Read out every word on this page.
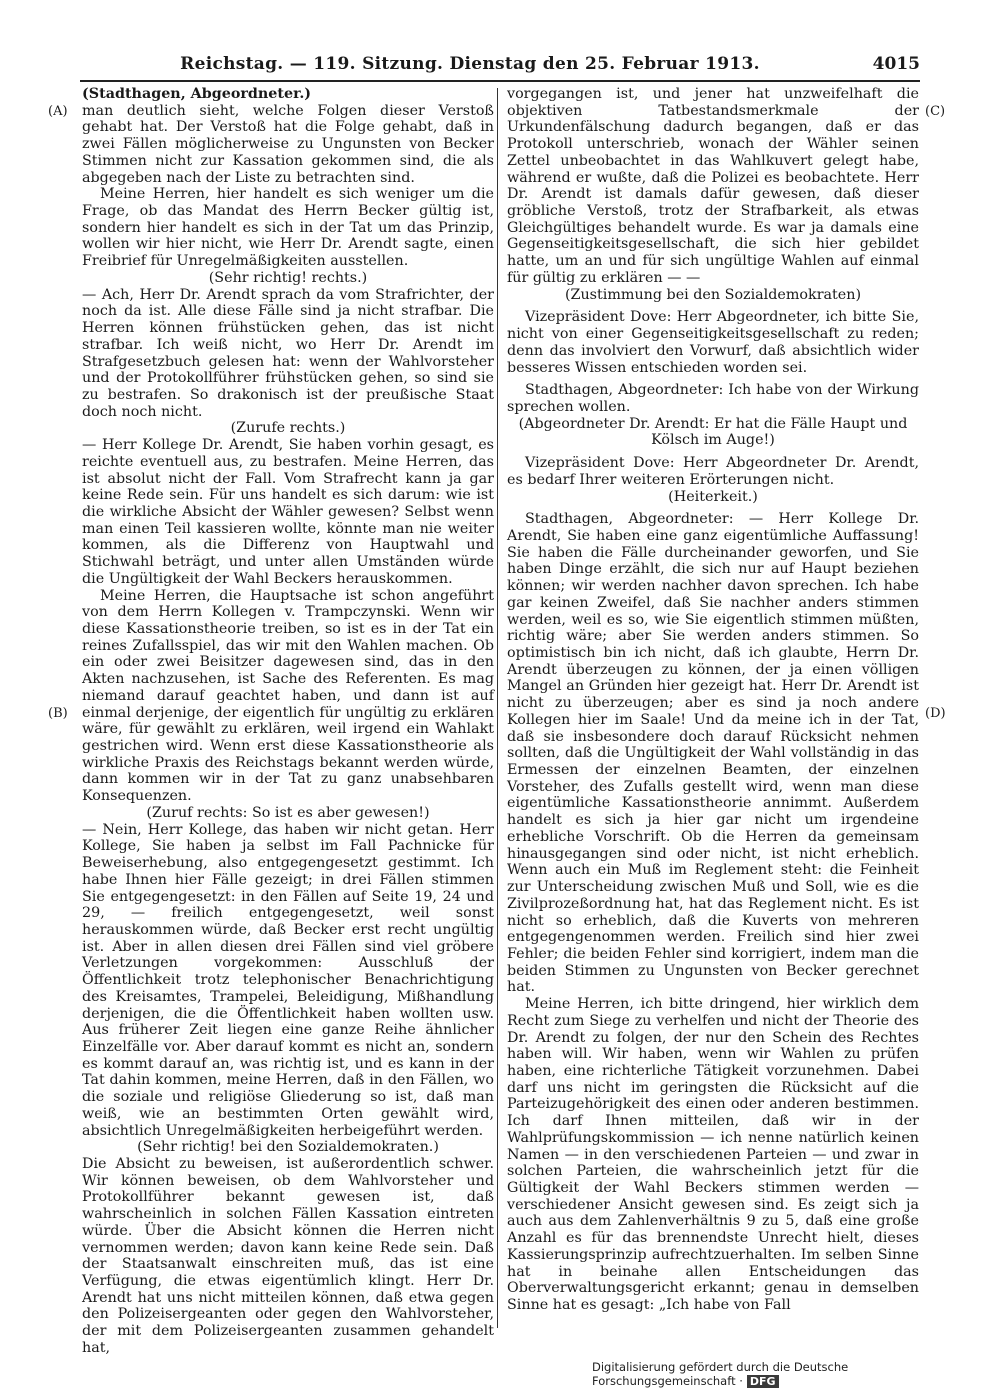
Reichstag. — 119. Sitzung. Dienstag den 25. Februar 1913.	4015
(A)
(B)
(C)
(D)

(Stadthagen, Abgeordneter.)

man deutlich sieht, welche Folgen dieser Verstoß gehabt hat. Der Verstoß hat die Folge gehabt, daß in zwei Fällen möglicherweise zu Ungunsten von Becker Stimmen nicht zur Kassation gekommen sind, die als abgegeben nach der Liste zu betrachten sind.

Meine Herren, hier handelt es sich weniger um die Frage, ob das Mandat des Herrn Becker gültig ist, sondern hier handelt es sich in der Tat um das Prinzip, wollen wir hier nicht, wie Herr Dr. Arendt sagte, einen Freibrief für Unregelmäßigkeiten ausstellen.

(Sehr richtig! rechts.)

— Ach, Herr Dr. Arendt sprach da vom Strafrichter, der noch da ist. Alle diese Fälle sind ja nicht strafbar. Die Herren können frühstücken gehen, das ist nicht strafbar. Ich weiß nicht, wo Herr Dr. Arendt im Strafgesetzbuch gelesen hat: wenn der Wahlvorsteher und der Protokollführer frühstücken gehen, so sind sie zu bestrafen. So drakonisch ist der preußische Staat doch noch nicht.

(Zurufe rechts.)

— Herr Kollege Dr. Arendt, Sie haben vorhin gesagt, es reichte eventuell aus, zu bestrafen. Meine Herren, das ist absolut nicht der Fall. Vom Strafrecht kann ja gar keine Rede sein. Für uns handelt es sich darum: wie ist die wirkliche Absicht der Wähler gewesen? Selbst wenn man einen Teil kassieren wollte, könnte man nie weiter kommen, als die Differenz von Hauptwahl und Stichwahl beträgt, und unter allen Umständen würde die Ungültigkeit der Wahl Beckers herauskommen.

Meine Herren, die Hauptsache ist schon angeführt von dem Herrn Kollegen v. Trampczynski. Wenn wir diese Kassationstheorie treiben, so ist es in der Tat ein reines Zufallsspiel, das wir mit den Wahlen machen. Ob ein oder zwei Beisitzer dagewesen sind, das in den Akten nachzusehen, ist Sache des Referenten. Es mag niemand darauf geachtet haben, und dann ist auf einmal derjenige, der eigentlich für ungültig zu erklären wäre, für gewählt zu erklären, weil irgend ein Wahlakt gestrichen wird. Wenn erst diese Kassationstheorie als wirkliche Praxis des Reichstags bekannt werden würde, dann kommen wir in der Tat zu ganz unabsehbaren Konsequenzen.

(Zuruf rechts: So ist es aber gewesen!)

— Nein, Herr Kollege, das haben wir nicht getan. Herr Kollege, Sie haben ja selbst im Fall Pachnicke für Beweiserhebung, also entgegengesetzt gestimmt. Ich habe Ihnen hier Fälle gezeigt; in drei Fällen stimmen Sie entgegengesetzt: in den Fällen auf Seite 19, 24 und 29, — freilich entgegengesetzt, weil sonst herauskommen würde, daß Becker erst recht ungültig ist. Aber in allen diesen drei Fällen sind viel gröbere Verletzungen vorgekommen: Ausschluß der Öffentlichkeit trotz telephonischer Benachrichtigung des Kreisamtes, Trampelei, Beleidigung, Mißhandlung derjenigen, die die Öffentlichkeit haben wollten usw. Aus früherer Zeit liegen eine ganze Reihe ähnlicher Einzelfälle vor. Aber darauf kommt es nicht an, sondern es kommt darauf an, was richtig ist, und es kann in der Tat dahin kommen, meine Herren, daß in den Fällen, wo die soziale und religiöse Gliederung so ist, daß man weiß, wie an bestimmten Orten gewählt wird, absichtlich Unregelmäßigkeiten herbeigeführt werden.

(Sehr richtig! bei den Sozialdemokraten.)

Die Absicht zu beweisen, ist außerordentlich schwer. Wir können beweisen, ob dem Wahlvorsteher und Protokollführer bekannt gewesen ist, daß wahrscheinlich in solchen Fällen Kassation eintreten würde. Über die Absicht können die Herren nicht vernommen werden; davon kann keine Rede sein. Daß der Staatsanwalt einschreiten muß, das ist eine Verfügung, die etwas eigentümlich klingt. Herr Dr. Arendt hat uns nicht mitteilen können, daß etwa gegen den Polizeisergeanten oder gegen den Wahlvorsteher, der mit dem Polizeisergeanten zusammen gehandelt hat,

vorgegangen ist, und jener hat unzweifelhaft die objektiven Tatbestandsmerkmale der Urkundenfälschung dadurch begangen, daß er das Protokoll unterschrieb, wonach der Wähler seinen Zettel unbeobachtet in das Wahlkuvert gelegt habe, während er wußte, daß die Polizei es beobachtete. Herr Dr. Arendt ist damals dafür gewesen, daß dieser gröbliche Verstoß, trotz der Strafbarkeit, als etwas Gleichgültiges behandelt wurde. Es war ja damals eine Gegenseitigkeitsgesellschaft, die sich hier gebildet hatte, um an und für sich ungültige Wahlen auf einmal für gültig zu erklären — —

(Zustimmung bei den Sozialdemokraten)

Vizepräsident Dove: Herr Abgeordneter, ich bitte Sie, nicht von einer Gegenseitigkeitsgesellschaft zu reden; denn das involviert den Vorwurf, daß absichtlich wider besseres Wissen entschieden worden sei.

Stadthagen, Abgeordneter: Ich habe von der Wirkung sprechen wollen.

(Abgeordneter Dr. Arendt: Er hat die Fälle Haupt und Kölsch im Auge!)

Vizepräsident Dove: Herr Abgeordneter Dr. Arendt, es bedarf Ihrer weiteren Erörterungen nicht.

(Heiterkeit.)

Stadthagen, Abgeordneter: — Herr Kollege Dr. Arendt, Sie haben eine ganz eigentümliche Auffassung! Sie haben die Fälle durcheinander geworfen, und Sie haben Dinge erzählt, die sich nur auf Haupt beziehen können; wir werden nachher davon sprechen. Ich habe gar keinen Zweifel, daß Sie nachher anders stimmen werden, weil es so, wie Sie eigentlich stimmen müßten, richtig wäre; aber Sie werden anders stimmen. So optimistisch bin ich nicht, daß ich glaubte, Herrn Dr. Arendt überzeugen zu können, der ja einen völligen Mangel an Gründen hier gezeigt hat. Herr Dr. Arendt ist nicht zu überzeugen; aber es sind ja noch andere Kollegen hier im Saale! Und da meine ich in der Tat, daß sie insbesondere doch darauf Rücksicht nehmen sollten, daß die Ungültigkeit der Wahl vollständig in das Ermessen der einzelnen Beamten, der einzelnen Vorsteher, des Zufalls gestellt wird, wenn man diese eigentümliche Kassationstheorie annimmt. Außerdem handelt es sich ja hier gar nicht um irgendeine erhebliche Vorschrift. Ob die Herren da gemeinsam hinausgegangen sind oder nicht, ist nicht erheblich. Wenn auch ein Muß im Reglement steht: die Feinheit zur Unterscheidung zwischen Muß und Soll, wie es die Zivilprozeßordnung hat, hat das Reglement nicht. Es ist nicht so erheblich, daß die Kuverts von mehreren entgegengenommen werden. Freilich sind hier zwei Fehler; die beiden Fehler sind korrigiert, indem man die beiden Stimmen zu Ungunsten von Becker gerechnet hat.

Meine Herren, ich bitte dringend, hier wirklich dem Recht zum Siege zu verhelfen und nicht der Theorie des Dr. Arendt zu folgen, der nur den Schein des Rechtes haben will. Wir haben, wenn wir Wahlen zu prüfen haben, eine richterliche Tätigkeit vorzunehmen. Dabei darf uns nicht im geringsten die Rücksicht auf die Parteizugehörigkeit des einen oder anderen bestimmen. Ich darf Ihnen mitteilen, daß wir in der Wahlprüfungskommission — ich nenne natürlich keinen Namen — in den verschiedenen Parteien — und zwar in solchen Parteien, die wahrscheinlich jetzt für die Gültigkeit der Wahl Beckers stimmen werden — verschiedener Ansicht gewesen sind. Es zeigt sich ja auch aus dem Zahlenverhältnis 9 zu 5, daß eine große Anzahl es für das brennendste Unrecht hielt, dieses Kassierungsprinzip aufrechtzuerhalten. Im selben Sinne hat in beinahe allen Entscheidungen das Oberverwaltungsgericht erkannt; genau in demselben Sinne hat es gesagt: „Ich habe von Fall

Digitalisierung gefördert durch die Deutsche Forschungsgemeinschaft · DFG
